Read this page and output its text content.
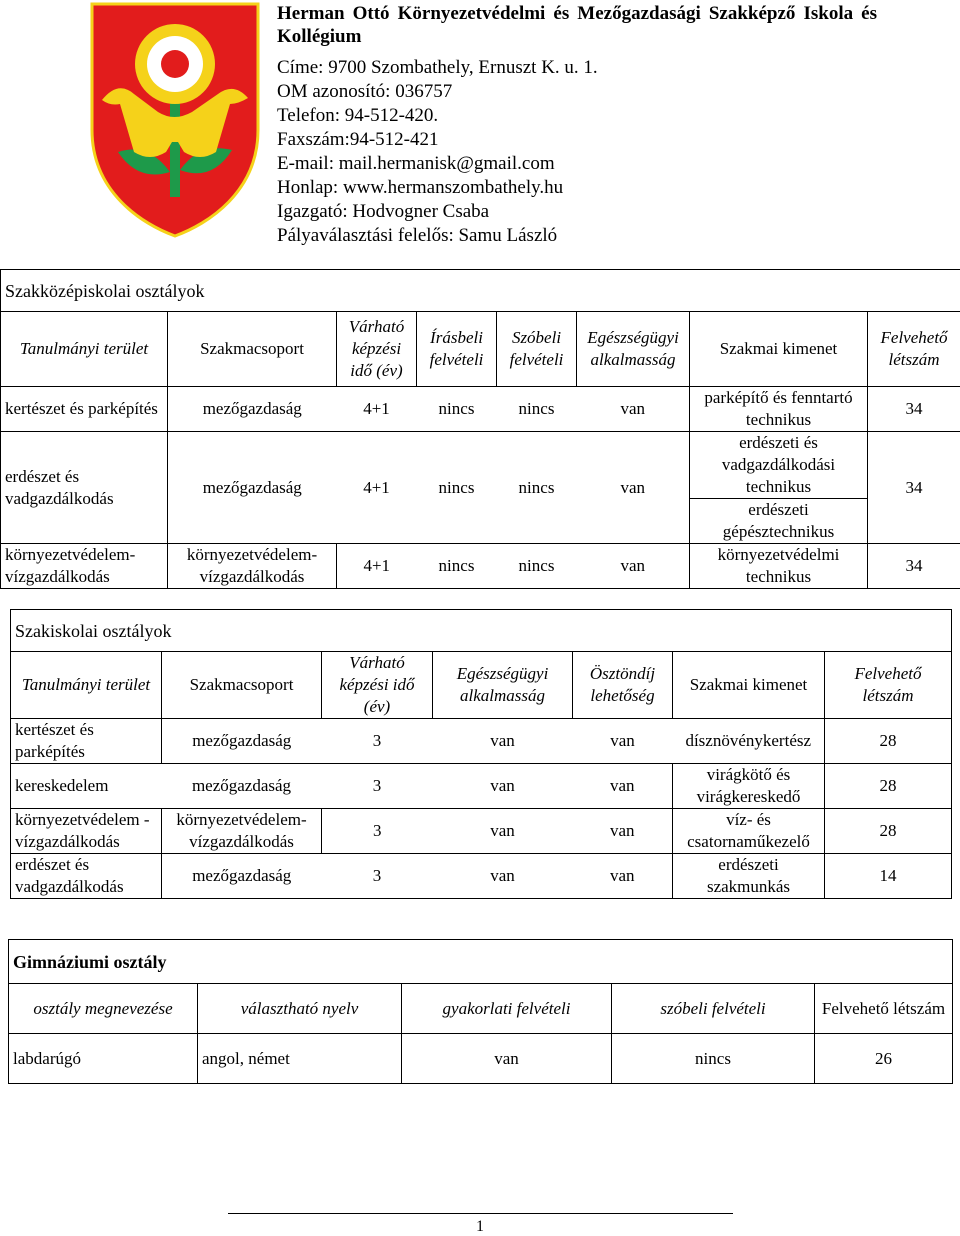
Herman Ottó Környezetvédelmi és Mezőgazdasági Szakképző Iskola és Kollégium
Címe: 9700 Szombathely, Ernuszt K. u. 1.
OM azonosító: 036757
Telefon: 94-512-420.
Faxszám:94-512-421
E-mail: mail.hermanisk@gmail.com
Honlap: www.hermanszombathely.hu
Igazgató: Hodvogner Csaba
Pályaválasztási felelős: Samu László
Szakközépiskolai osztályok							
Tanulmányi terület	Szakmacsoport	Várható képzési idő (év)	Írásbeli felvételi	Szóbeli felvételi	Egészségügyi alkalmasság	Szakmai kimenet	Felvehető létszám
kertészet és parképítés	mezőgazdaság	4+1	nincs	nincs	van	parképítő és fenntartó technikus	34
erdészet és vadgazdálkodás	mezőgazdaság	4+1	nincs	nincs	van	erdészeti és vadgazdálkodási technikus	34
						erdészeti gépésztechnikus	
környezetvédelem-vízgazdálkodás	környezetvédelem-vízgazdálkodás	4+1	nincs	nincs	van	környezetvédelmi technikus	34
Szakiskolai osztályok						
Tanulmányi terület	Szakmacsoport	Várható képzési idő (év)	Egészségügyi alkalmasság	Ösztöndíj lehetőség	Szakmai kimenet	Felvehető létszám
kertészet és parképítés	mezőgazdaság	3	van	van	dísznövénykertész	28
kereskedelem	mezőgazdaság	3	van	van	virágkötő és virágkereskedő	28
környezetvédelem -vízgazdálkodás	környezetvédelem-vízgazdálkodás	3	van	van	víz- és csatornaműkezelő	28
erdészet és vadgazdálkodás	mezőgazdaság	3	van	van	erdészeti szakmunkás	14
Gimnáziumi osztály				
osztály megnevezése	választható nyelv	gyakorlati felvételi	szóbeli felvételi	Felvehető létszám
labdarúgó	angol, német	van	nincs	26
1
